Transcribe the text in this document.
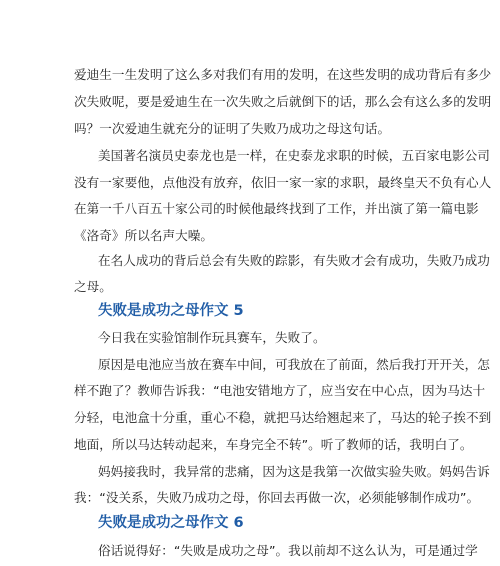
爱迪生一生发明了这么多对我们有用的发明，在这些发明的成功背后有多少
次失败呢，要是爱迪生在一次失败之后就倒下的话，那么会有这么多的发明
吗？一次爱迪生就充分的证明了失败乃成功之母这句话。
美国著名演员史泰龙也是一样，在史泰龙求职的时候，五百家电影公司
没有一家要他，点他没有放弃，依旧一家一家的求职，最终皇天不负有心人
在第一千八百五十家公司的时候他最终找到了工作，并出演了第一篇电影
《洛奇》所以名声大噪。
在名人成功的背后总会有失败的踪影，有失败才会有成功，失败乃成功
之母。
失败是成功之母作文 5
今日我在实验馆制作玩具赛车，失败了。
原因是电池应当放在赛车中间，可我放在了前面，然后我打开开关，怎
样不跑了？教师告诉我：“电池安错地方了，应当安在中心点，因为马达十
分轻，电池盒十分重，重心不稳，就把马达给翘起来了，马达的轮子挨不到
地面，所以马达转动起来，车身完全不转”。听了教师的话，我明白了。
妈妈接我时，我异常的悲痛，因为这是我第一次做实验失败。妈妈告诉
我：“没关系，失败乃成功之母，你回去再做一次，必须能够制作成功”。
失败是成功之母作文 6
俗话说得好：“失败是成功之母”。我以前却不这么认为，可是通过学
